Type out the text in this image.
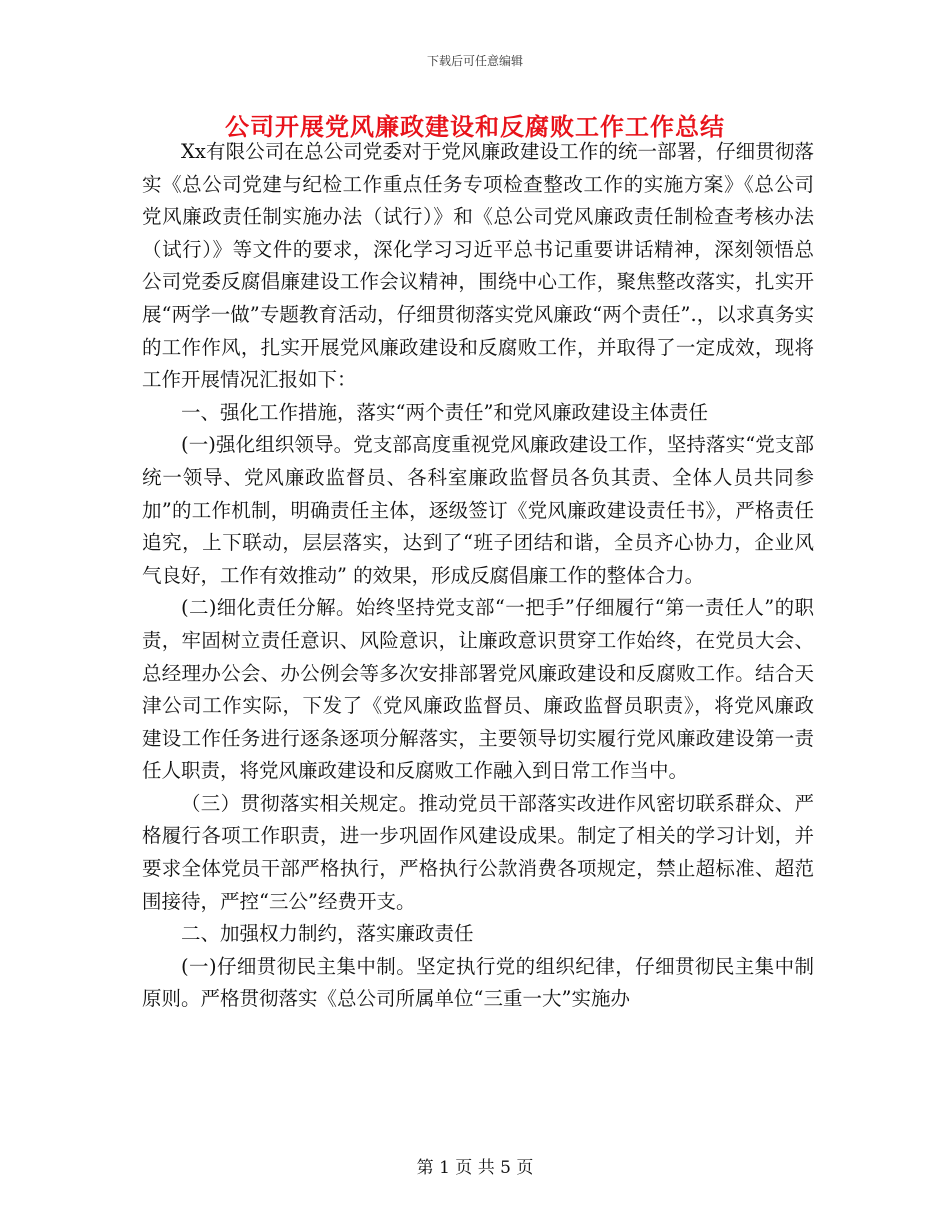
下载后可任意编辑
公司开展党风廉政建设和反腐败工作工作总结

Xx有限公司在总公司党委对于党风廉政建设工作的统一部署，仔细贯彻落实《总公司党建与纪检工作重点任务专项检查整改工作的实施方案》《总公司党风廉政责任制实施办法（试行）》和《总公司党风廉政责任制检查考核办法（试行）》等文件的要求，深化学习习近平总书记重要讲话精神，深刻领悟总公司党委反腐倡廉建设工作会议精神，围绕中心工作，聚焦整改落实，扎实开展“两学一做”专题教育活动，仔细贯彻落实党风廉政“两个责任”.，以求真务实的工作作风，扎实开展党风廉政建设和反腐败工作，并取得了一定成效，现将工作开展情况汇报如下：

一、强化工作措施，落实“两个责任”和党风廉政建设主体责任

(一)强化组织领导。党支部高度重视党风廉政建设工作，坚持落实“党支部统一领导、党风廉政监督员、各科室廉政监督员各负其责、全体人员共同参加”的工作机制，明确责任主体，逐级签订《党风廉政建设责任书》，严格责任追究，上下联动，层层落实，达到了“班子团结和谐，全员齐心协力，企业风气良好，工作有效推动” 的效果，形成反腐倡廉工作的整体合力。

(二)细化责任分解。始终坚持党支部“一把手”仔细履行“第一责任人”的职责，牢固树立责任意识、风险意识，让廉政意识贯穿工作始终，在党员大会、总经理办公会、办公例会等多次安排部署党风廉政建设和反腐败工作。结合天津公司工作实际，下发了《党风廉政监督员、廉政监督员职责》，将党风廉政建设工作任务进行逐条逐项分解落实，主要领导切实履行党风廉政建设第一责任人职责，将党风廉政建设和反腐败工作融入到日常工作当中。

（三）贯彻落实相关规定。推动党员干部落实改进作风密切联系群众、严格履行各项工作职责，进一步巩固作风建设成果。制定了相关的学习计划，并要求全体党员干部严格执行，严格执行公款消费各项规定，禁止超标准、超范围接待，严控“三公”经费开支。

二、加强权力制约，落实廉政责任

(一)仔细贯彻民主集中制。坚定执行党的组织纪律，仔细贯彻民主集中制原则。严格贯彻落实《总公司所属单位“三重一大”实施办

第 1 页 共 5 页
